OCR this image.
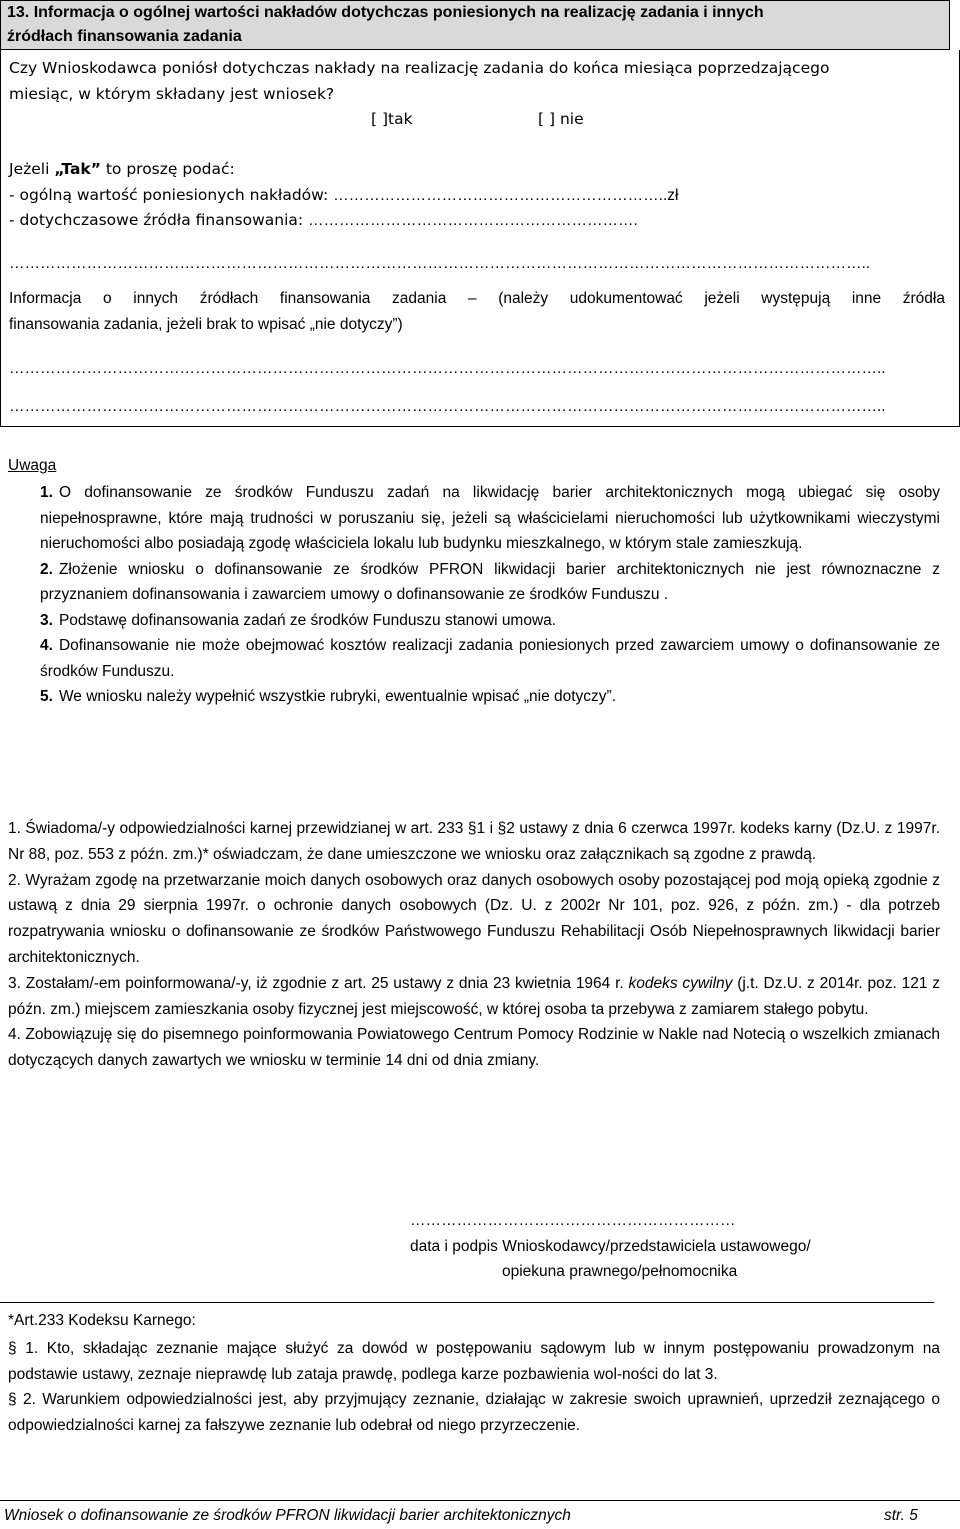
13. Informacja o ogólnej wartości nakładów dotychczas poniesionych na realizację zadania i innych
źródłach finansowania zadania
Czy Wnioskodawca poniósł dotychczas nakłady na realizację zadania do końca miesiąca poprzedzającego
miesiąc, w którym składany jest wniosek?
[ ]tak	[ ] nie
Jeżeli „Tak” to proszę podać:
- ogólną wartość poniesionych nakładów: ………………………………………………………..zł
- dotychczasowe źródła finansowania: ……………………………………………………….
…………………………………………………………………………………………………………………………………………………..
Informacja o innych źródłach finansowania zadania – (należy udokumentować jeżeli występują inne źródła
finansowania zadania, jeżeli brak to wpisać „nie dotyczy”)
……………………………………………………………………………………………………………………………………………………..
……………………………………………………………………………………………………………………………………………………..
Uwaga
1. O dofinansowanie ze środków Funduszu zadań na likwidację barier architektonicznych mogą ubiegać się osoby niepełnosprawne, które mają trudności w poruszaniu się, jeżeli są właścicielami nieruchomości lub użytkownikami wieczystymi nieruchomości albo posiadają zgodę właściciela lokalu lub budynku mieszkalnego, w którym stale zamieszkują.
2. Złożenie wniosku o dofinansowanie ze środków PFRON likwidacji barier architektonicznych nie jest równoznaczne z przyznaniem dofinansowania i zawarciem umowy o dofinansowanie ze środków Funduszu .
3. Podstawę dofinansowania zadań ze środków Funduszu stanowi umowa.
4. Dofinansowanie nie może obejmować kosztów realizacji zadania poniesionych przed zawarciem umowy o dofinansowanie ze środków Funduszu.
5. We wniosku należy wypełnić wszystkie rubryki, ewentualnie wpisać „nie dotyczy”.
1. Świadoma/-y odpowiedzialności karnej przewidzianej w art. 233 §1 i §2 ustawy z dnia 6 czerwca 1997r. kodeks karny (Dz.U. z 1997r. Nr 88, poz. 553 z późn. zm.)* oświadczam, że dane umieszczone we wniosku oraz załącznikach są zgodne z prawdą.
2. Wyrażam zgodę na przetwarzanie moich danych osobowych oraz danych osobowych osoby pozostającej pod moją opieką zgodnie z ustawą z dnia 29 sierpnia 1997r. o ochronie danych osobowych (Dz. U. z 2002r Nr 101, poz. 926, z późn. zm.) - dla potrzeb rozpatrywania wniosku o dofinansowanie ze środków Państwowego Funduszu Rehabilitacji Osób Niepełnosprawnych likwidacji barier architektonicznych.
3. Zostałam/-em poinformowana/-y, iż zgodnie z art. 25 ustawy z dnia 23 kwietnia 1964 r. kodeks cywilny (j.t. Dz.U. z 2014r. poz. 121 z późn. zm.) miejscem zamieszkania osoby fizycznej jest miejscowość, w której osoba ta przebywa z zamiarem stałego pobytu.
4. Zobowiązuję się do pisemnego poinformowania Powiatowego Centrum Pomocy Rodzinie w Nakle nad Notecią o wszelkich zmianach dotyczących danych zawartych we wniosku w terminie 14 dni od dnia zmiany.
………………………………………………………
data i podpis Wnioskodawcy/przedstawiciela ustawowego/
opiekuna prawnego/pełnomocnika
*Art.233 Kodeksu Karnego:
§ 1. Kto, składając zeznanie mające służyć za dowód w postępowaniu sądowym lub w innym postępowaniu prowadzonym na podstawie ustawy, zeznaje nieprawdę lub zataja prawdę, podlega karze pozbawienia wol-ności do lat 3.
§ 2. Warunkiem odpowiedzialności jest, aby przyjmujący zeznanie, działając w zakresie swoich uprawnień, uprzedził zeznającego o odpowiedzialności karnej za fałszywe zeznanie lub odebrał od niego przyrzeczenie.
Wniosek o dofinansowanie ze środków PFRON likwidacji barier architektonicznych	str. 5
